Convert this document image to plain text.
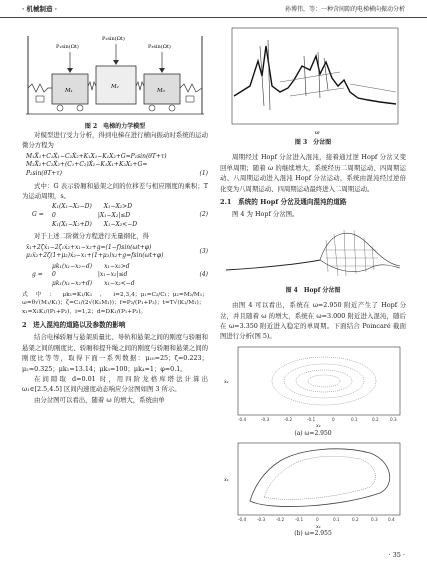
· 机械制造 ·	孙博伟，等：一种含间隙的电梯横向振动分析
P₁sin(Ωt)
P₂sin(Ωt)
P₃sin(Ωt)
M₁
M₂
M₃
图 2　电梯的力学模型

对模型进行受力分析，得到电梯在进行横向振动时系统的运动微分方程为

M₁Ẍ₁+C₁Ẋ₁−C₂Ẋ₂+K₁X₁−K₁X₂+G=P₁sin(θT+τ)
M₂Ẍ₂+C₂Ẋ₂+(C₁+C₂)Ẋ₂−K₁X₁+K₂X₂+G=
P₂sin(θT+τ)	(1)

式中：G 表示轿厢和悬架之间的位移差与相应刚度的乘积；T 为运动周期，s。

G =
K₁(X₁−X₂−D)　　X₁−X₂>D
0　　　　　　　|X₁−X₂|≤D
K₁(X₁−X₂+D)　　X₁−X₂<−D
(2)

对于上述二阶微分方程进行无量纲化，得

ẍ₁+2ζẋ₁−2ζ₁ẋ₂+x₁−x₂+g=(1−f)sin(ωt+φ)
μ₁ẍ₂+2ζ(1+μ₂)ẋ₂−x₁+(1+μ₃)x₂+g=fsin(ωt+φ)
(3)
g =
μk₁(x₁−x₂−d)　　x₁−x₂>d
0　　　　　　　|x₁−x₂|≤d
μk₁(x₁−x₂+d)　　x₁−x₂<−d
(4)

式中：μk₁=K₁/K₁，i=2,3,4；μ₁=C₂/C₁；μ₂=M₂/M₁；ω=θ√(M₁/K₁)；ζ=C₁/(2√(K₁M₁))；f=P₂/(P₁+P₂)；t=T√(K₁/M₁)；x₁=X₁K₁/(P₁+P₂)，i=1,2；d=DK₁/(P₁+P₂)。

2　进入混沌的道路以及参数的影响

结合电梯轿厢与悬架质量比、导轨和悬架之间的刚度与轿厢和悬架之间的刚度比、轿厢和提升绳之间的刚度与轿厢和悬架之间的刚度比等等，取得下面一系列数据：μ₁₀=25；ζ=0.223；μ₂=0.325；μk₁=13.14；μk₃=100；μk₄=1；φ=0.1。

在间隙取 d=0.01 时，用四阶龙格库塔法计算出 ω₁∈[2.5,4.5] 区间内速度动态响应分岔图如图 3 所示。

由分岔图可以看出，随着 ω 的增大，系统由单

ω
图 3　分岔图

周期经过 Hopf 分岔进入混沌，接着通过逆 Hopf 分岔又变回单周期；随着 ω 的继续增大，系统经历二周期运动、四周期运动、八周期运动进入混沌 Hopf 分岔运动，系统由混沌经过逆倍化变为八周期运动、四周期运动最终进入二周期运动。

2.1　系统的 Hopf 分岔及通向混沌的道路

图 4 为 Hopf 分岔图。

图 4　Hopf 分岔图

由图 4 可以看出，系统在 ω=2.950 附近产生了 Hopf 分岔，并且随着 ω 的增大，系统在 ω=3.000 附近进入混沌，随后在 ω=3.350 附近进入稳定的单周期。下面结合 Poincaré 截面图进行分析(图 5)。

ẋ₁
x₁
-0.4	-0.3	-0.2	-0.1	0	0.1	0.2	0.3
(a) ω=2.950
ẋ₁
x₁
-0.4	-0.3	-0.2	-0.1	0	0.1	0.2	0.3 0.4
(b) ω=2.955
· 35 ·
